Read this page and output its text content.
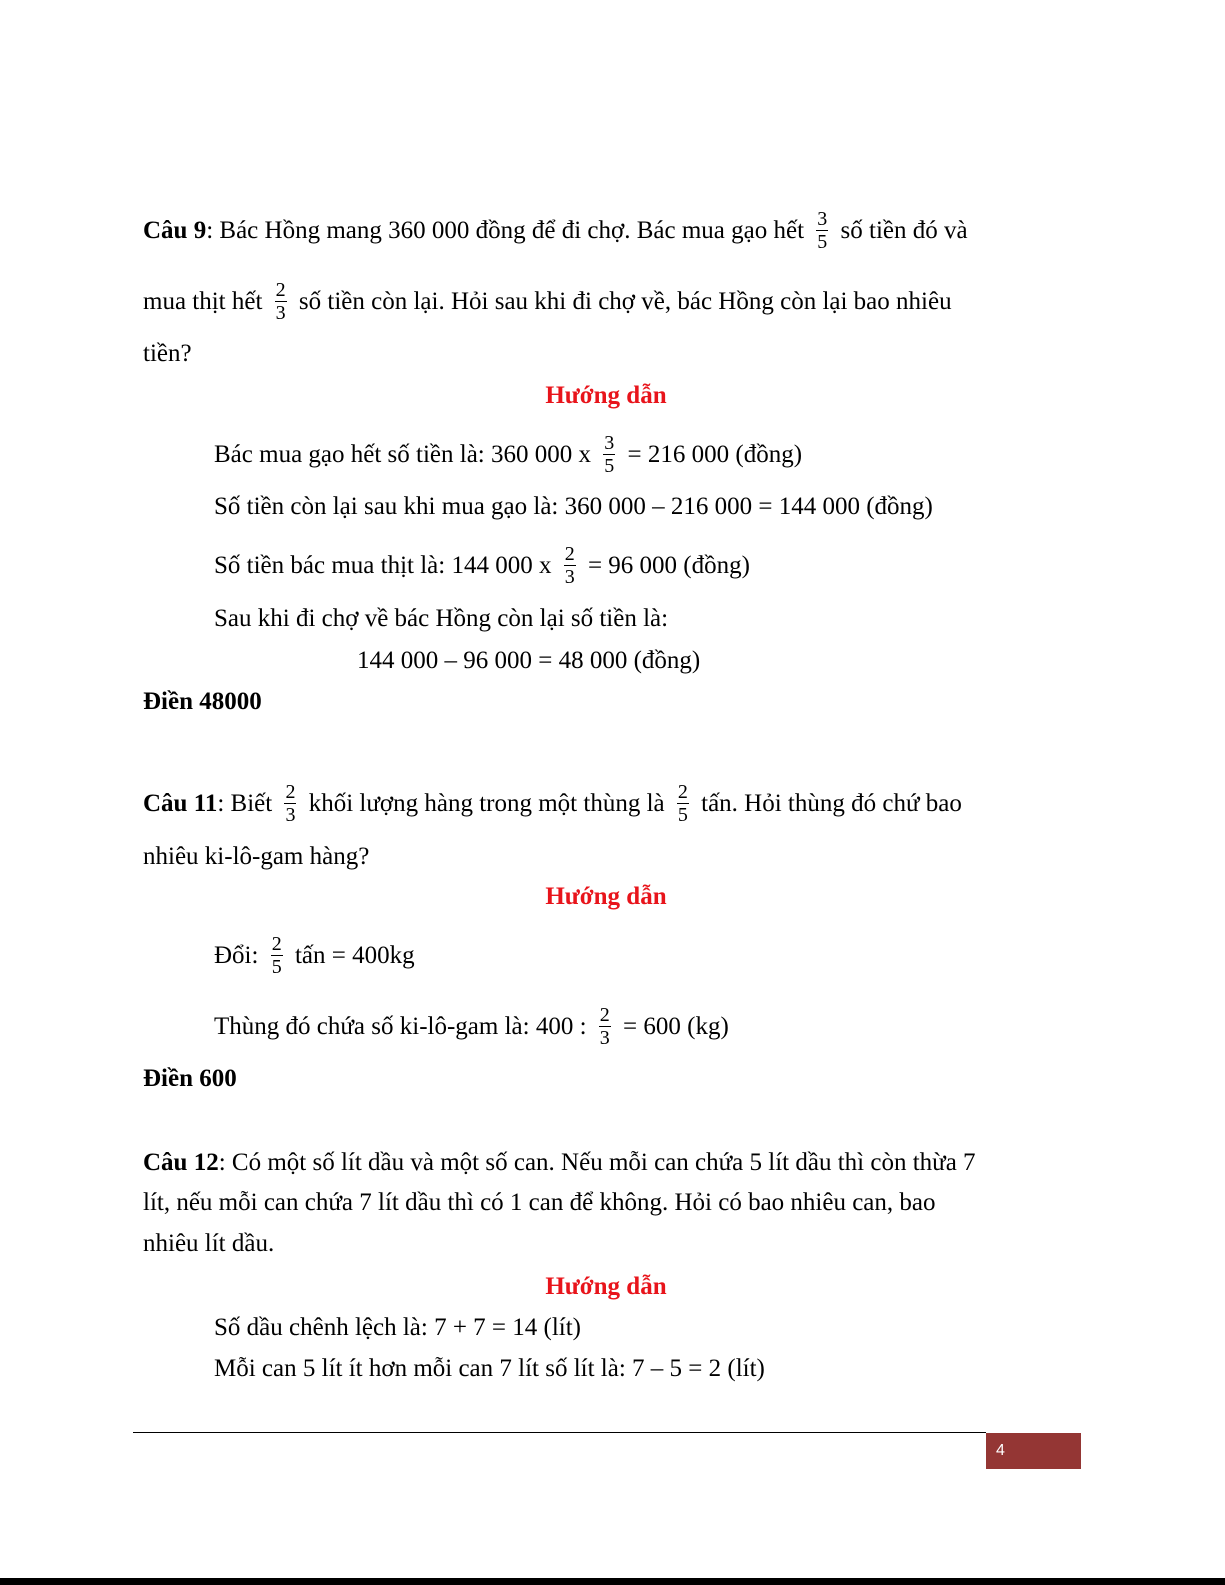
Câu 9: Bác Hồng mang 360 000 đồng để đi chợ. Bác mua gạo hết $\frac{3}{5}$ số tiền đó và
mua thịt hết $\frac{2}{3}$ số tiền còn lại. Hỏi sau khi đi chợ về, bác Hồng còn lại bao nhiêu
tiền?
Hướng dẫn
Bác mua gạo hết số tiền là: 360 000 x $\frac{3}{5} = 216$ 000 (đồng)
Số tiền còn lại sau khi mua gạo là: 360 000 – 216 000 = 144 000 (đồng)
Số tiền bác mua thịt là: 144 000 x $\frac{2}{3} = 96$ 000 (đồng)
Sau khi đi chợ về bác Hồng còn lại số tiền là:
144 000 – 96 000 = 48 000 (đồng)
Điền 48000
Câu 11: Biết $\frac{2}{3}$ khối lượng hàng trong một thùng là $\frac{2}{5}$ tấn. Hỏi thùng đó chứ bao
nhiêu ki-lô-gam hàng?
Hướng dẫn
Đổi: $\frac{2}{5}$ tấn = 400kg
Thùng đó chứa số ki-lô-gam là: 400 : $\frac{2}{3} = 600$ (kg)
Điền 600
Câu 12: Có một số lít dầu và một số can. Nếu mỗi can chứa 5 lít dầu thì còn thừa 7
lít, nếu mỗi can chứa 7 lít dầu thì có 1 can để không. Hỏi có bao nhiêu can, bao
nhiêu lít dầu.
Hướng dẫn
Số dầu chênh lệch là: 7 + 7 = 14 (lít)
Mỗi can 5 lít ít hơn mỗi can 7 lít số lít là: 7 – 5 = 2 (lít)
4
